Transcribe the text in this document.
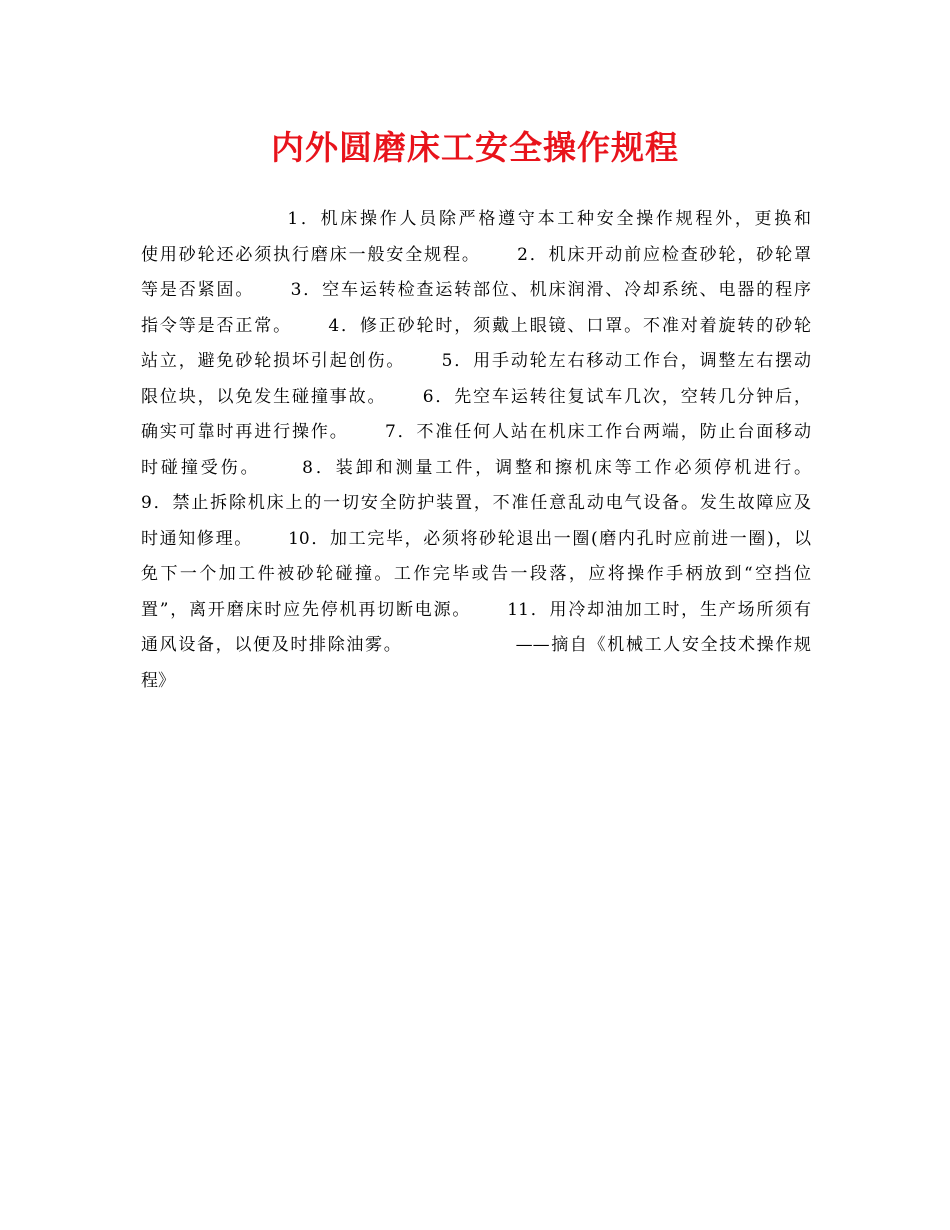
内外圆磨床工安全操作规程
1．机床操作人员除严格遵守本工种安全操作规程外，更换和
使用砂轮还必须执行磨床一般安全规程。     2．机床开动前应检查砂轮，砂轮罩
等是否紧固。     3．空车运转检查运转部位、机床润滑、冷却系统、电器的程序
指令等是否正常。     4．修正砂轮时，须戴上眼镜、口罩。不准对着旋转的砂轮
站立，避免砂轮损坏引起创伤。     5．用手动轮左右移动工作台，调整左右摆动
限位块，以免发生碰撞事故。     6．先空车运转往复试车几次，空转几分钟后，
确实可靠时再进行操作。     7．不准任何人站在机床工作台两端，防止台面移动
时碰撞受伤。     8．装卸和测量工件，调整和擦机床等工作必须停机进行。
9．禁止拆除机床上的一切安全防护装置，不准任意乱动电气设备。发生故障应及
时通知修理。     10．加工完毕，必须将砂轮退出一圈(磨内孔时应前进一圈)，以
免下一个加工件被砂轮碰撞。工作完毕或告一段落，应将操作手柄放到“空挡位
置”，离开磨床时应先停机再切断电源。     11．用冷却油加工时，生产场所须有
通风设备，以便及时排除油雾。                ——摘自《机械工人安全技术操作规
程》
